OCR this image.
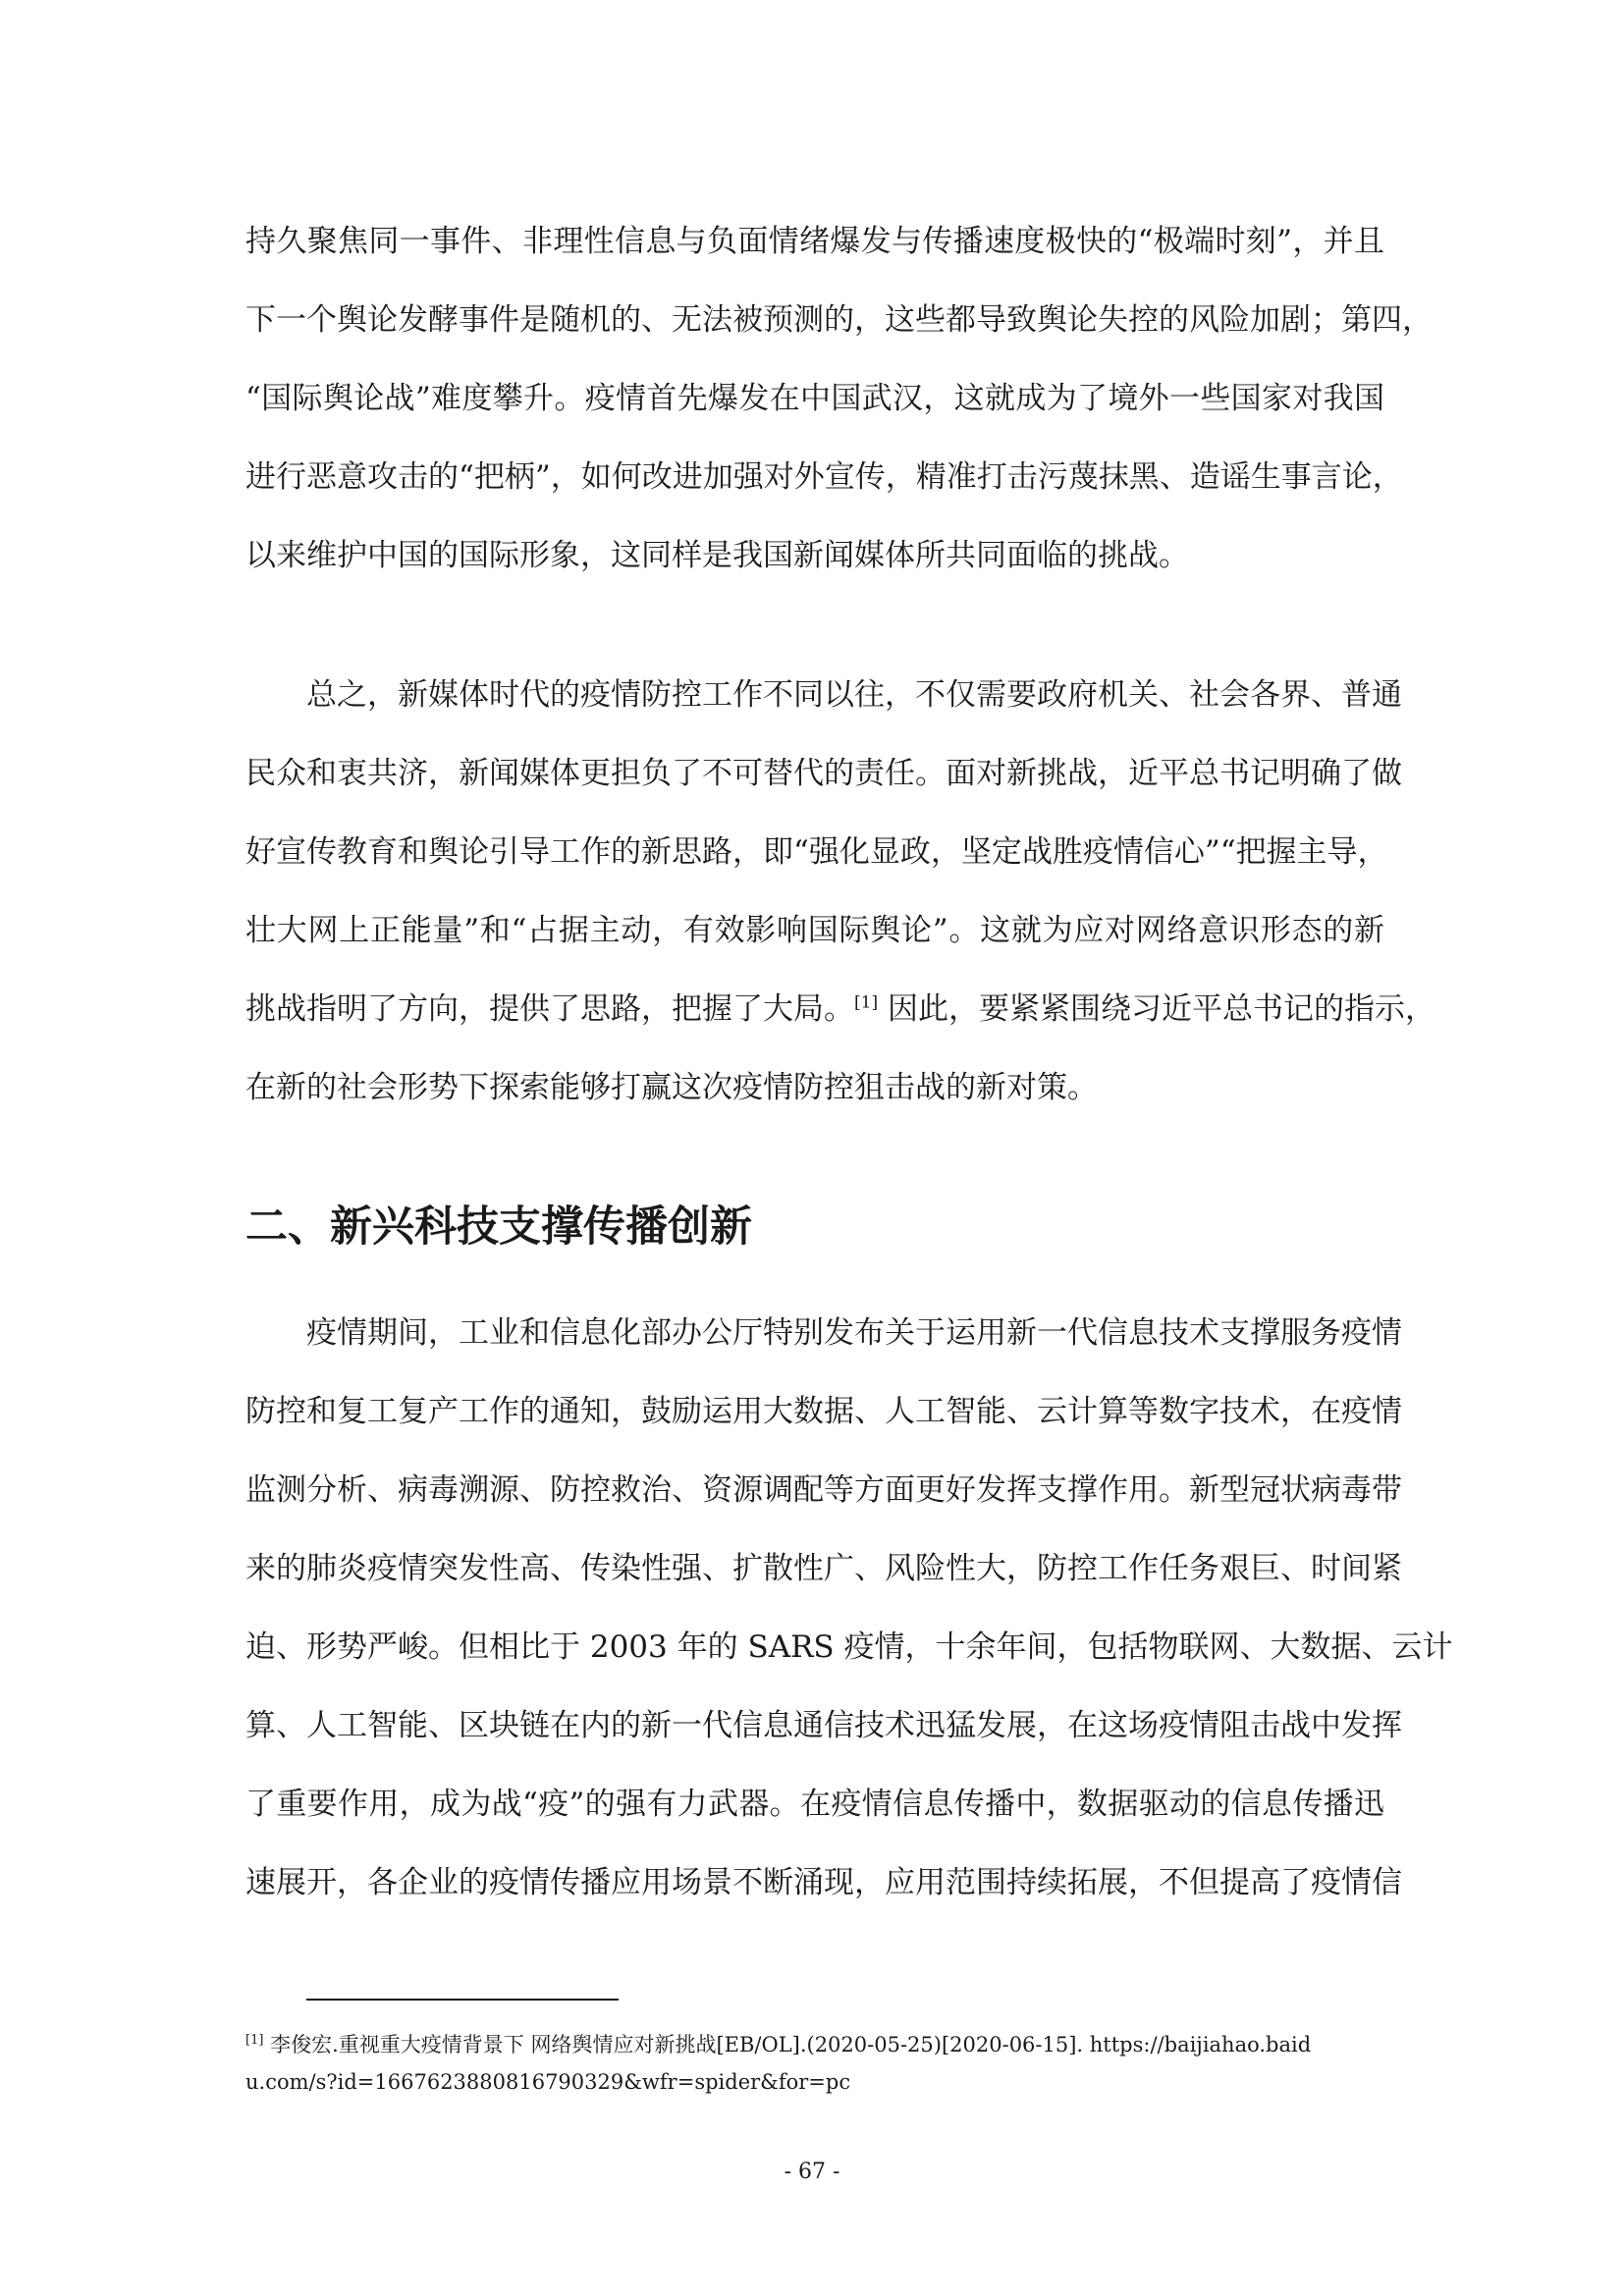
持久聚焦同一事件、非理性信息与负面情绪爆发与传播速度极快的“极端时刻”，并且
下一个舆论发酵事件是随机的、无法被预测的，这些都导致舆论失控的风险加剧；第四，
“国际舆论战”难度攀升。疫情首先爆发在中国武汉，这就成为了境外一些国家对我国
进行恶意攻击的“把柄”，如何改进加强对外宣传，精准打击污蔑抹黑、造谣生事言论，
以来维护中国的国际形象，这同样是我国新闻媒体所共同面临的挑战。
总之，新媒体时代的疫情防控工作不同以往，不仅需要政府机关、社会各界、普通
民众和衷共济，新闻媒体更担负了不可替代的责任。面对新挑战，近平总书记明确了做
好宣传教育和舆论引导工作的新思路，即“强化显政，坚定战胜疫情信心”“把握主导，
壮大网上正能量”和“占据主动，有效影响国际舆论”。这就为应对网络意识形态的新
挑战指明了方向，提供了思路，把握了大局。[1] 因此，要紧紧围绕习近平总书记的指示，
在新的社会形势下探索能够打赢这次疫情防控狙击战的新对策。
二、新兴科技支撑传播创新
疫情期间，工业和信息化部办公厅特别发布关于运用新一代信息技术支撑服务疫情
防控和复工复产工作的通知，鼓励运用大数据、人工智能、云计算等数字技术，在疫情
监测分析、病毒溯源、防控救治、资源调配等方面更好发挥支撑作用。新型冠状病毒带
来的肺炎疫情突发性高、传染性强、扩散性广、风险性大，防控工作任务艰巨、时间紧
迫、形势严峻。但相比于 2003 年的 SARS 疫情，十余年间，包括物联网、大数据、云计
算、人工智能、区块链在内的新一代信息通信技术迅猛发展，在这场疫情阻击战中发挥
了重要作用，成为战“疫”的强有力武器。在疫情信息传播中，数据驱动的信息传播迅
速展开，各企业的疫情传播应用场景不断涌现，应用范围持续拓展，不但提高了疫情信
[1] 李俊宏.重视重大疫情背景下 网络舆情应对新挑战[EB/OL].(2020-05-25)[2020-06-15]. https://baijiahao.baid
u.com/s?id=1667623880816790329&wfr=spider&for=pc
- 67 -
